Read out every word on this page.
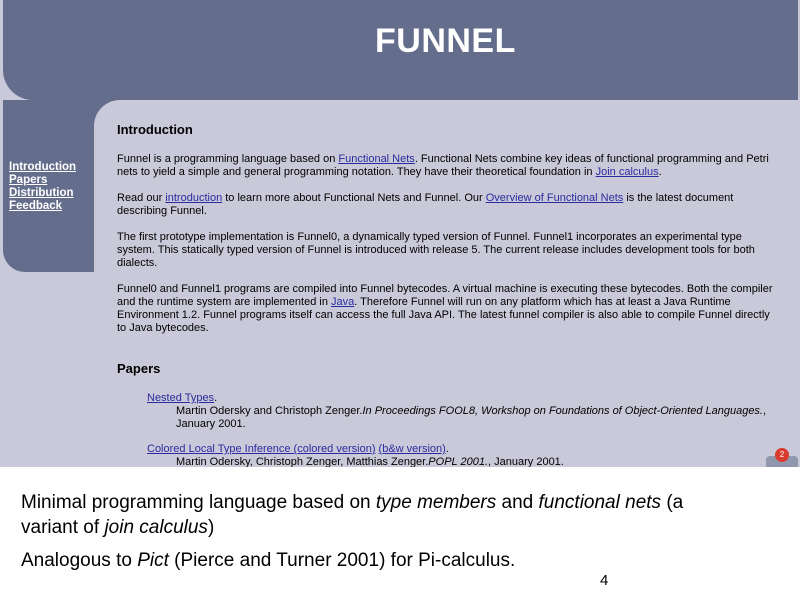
FUNNEL
Introduction
Papers
Distribution
Feedback
Introduction

Funnel is a programming language based on Functional Nets. Functional Nets combine key ideas of functional programming and Petri nets to yield a simple and general programming notation. They have their theoretical foundation in Join calculus.

Read our introduction to learn more about Functional Nets and Funnel. Our Overview of Functional Nets is the latest document describing Funnel.

The first prototype implementation is Funnel0, a dynamically typed version of Funnel. Funnel1 incorporates an experimental type system. This statically typed version of Funnel is introduced with release 5. The current release includes development tools for both dialects.

Funnel0 and Funnel1 programs are compiled into Funnel bytecodes. A virtual machine is executing these bytecodes. Both the compiler and the runtime system are implemented in Java. Therefore Funnel will run on any platform which has at least a Java Runtime Environment 1.2. Funnel programs itself can access the full Java API. The latest funnel compiler is also able to compile Funnel directly to Java bytecodes.

Papers
Nested Types.
Martin Odersky and Christoph Zenger.In Proceedings FOOL8, Workshop on Foundations of Object-Oriented Languages., January 2001.
Colored Local Type Inference (colored version) (b&w version).
Martin Odersky, Christoph Zenger, Matthias Zenger.POPL 2001., January 2001.
2

Minimal programming language based on type members and functional nets (a variant of join calculus)

Analogous to Pict (Pierce and Turner 2001) for Pi-calculus.

4
